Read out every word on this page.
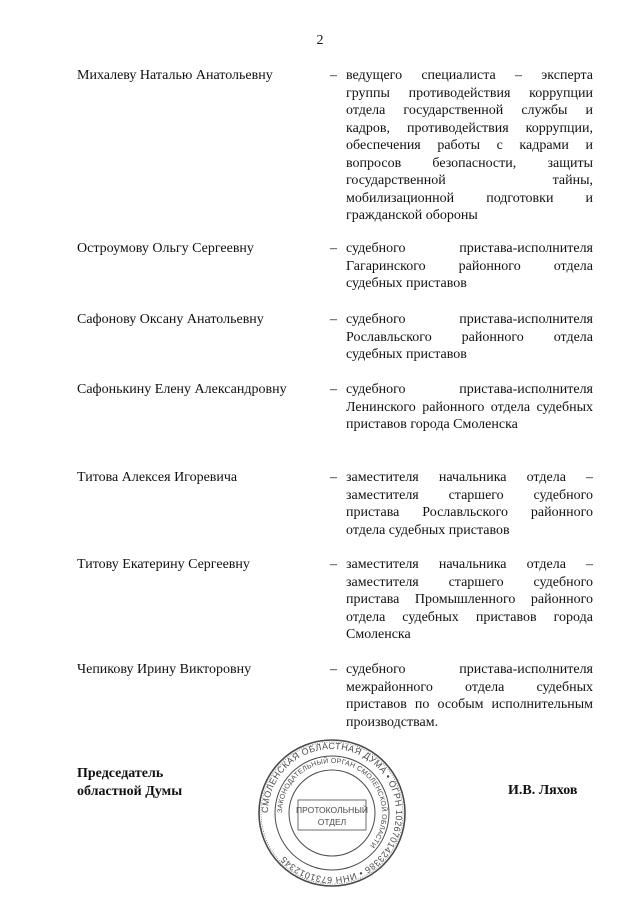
2
Михалеву Наталью Анатольевну	– ведущего специалиста – эксперта группы противодействия коррупции отдела государственной службы и кадров, противодействия коррупции, обеспечения работы с кадрами и вопросов безопасности, защиты государственной тайны, мобилизационной подготовки и гражданской обороны
Остроумову Ольгу Сергеевну	– судебного пристава-исполнителя Гагаринского районного отдела судебных приставов
Сафонову Оксану Анатольевну	– судебного пристава-исполнителя Рославльского районного отдела судебных приставов
Сафонькину Елену Александровну	– судебного пристава-исполнителя Ленинского районного отдела судебных приставов города Смоленска
Титова Алексея Игоревича	– заместителя начальника отдела – заместителя старшего судебного пристава Рославльского районного отдела судебных приставов
Титову Екатерину Сергеевну	– заместителя начальника отдела – заместителя старшего судебного пристава Промышленного районного отдела судебных приставов города Смоленска
Чепикову Ирину Викторовну	– судебного пристава-исполнителя межрайонного отдела судебных приставов по особым исполнительным производствам.
Председатель
областной Думы
СМОЛЕНСКАЯ ОБЛАСТНАЯ ДУМА • ОГРН 1026701423386 • ИНН 6731012345
ЗАКОНОДАТЕЛЬНЫЙ ОРГАН СМОЛЕНСКОЙ ОБЛАСТИ
ПРОТОКОЛЬНЫЙ
ОТДЕЛ
И.В. Ляхов
